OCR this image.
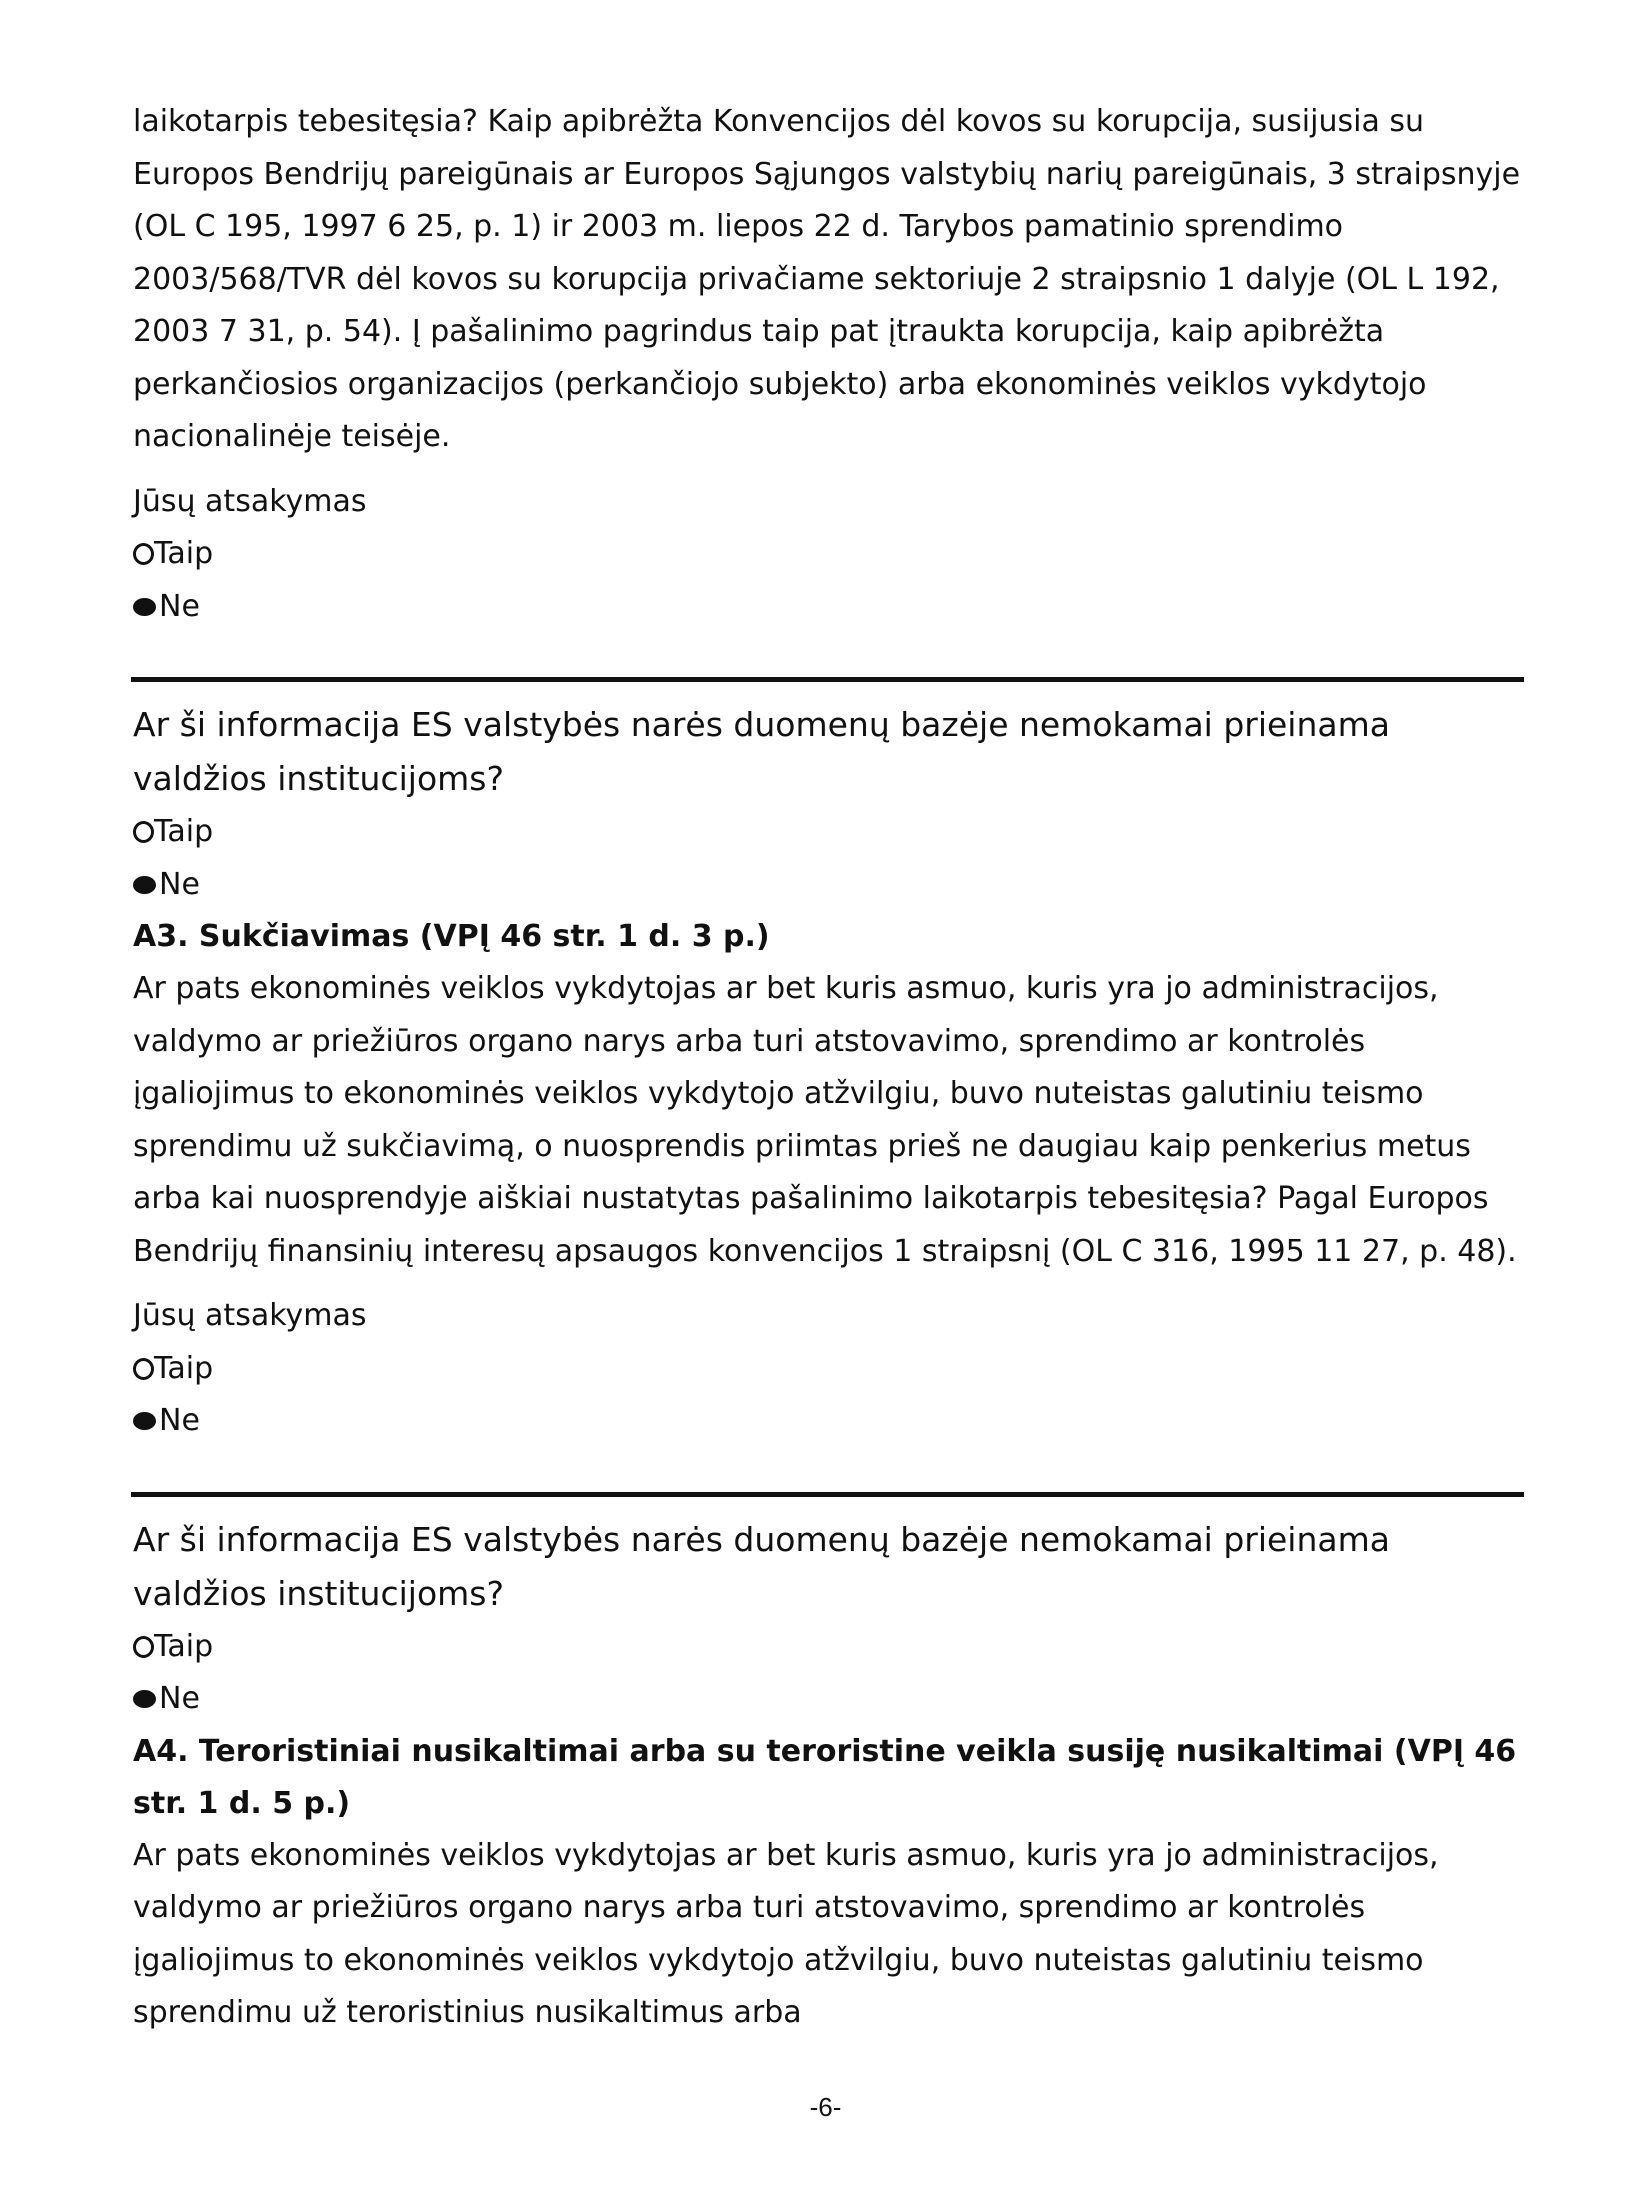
laikotarpis tebesitęsia? Kaip apibrėžta Konvencijos dėl kovos su korupcija, susijusia su Europos Bendrijų pareigūnais ar Europos Sąjungos valstybių narių pareigūnais, 3 straipsnyje (OL C 195, 1997 6 25, p. 1) ir 2003 m. liepos 22 d. Tarybos pamatinio sprendimo 2003/568/TVR dėl kovos su korupcija privačiame sektoriuje 2 straipsnio 1 dalyje (OL L 192, 2003 7 31, p. 54). Į pašalinimo pagrindus taip pat įtraukta korupcija, kaip apibrėžta perkančiosios organizacijos (perkančiojo subjekto) arba ekonominės veiklos vykdytojo nacionalinėje teisėje.

Jūsų atsakymas

Taip
Ne

Ar ši informacija ES valstybės narės duomenų bazėje nemokamai prieinama valdžios institucijoms?

Taip
Ne

A3. Sukčiavimas (VPĮ 46 str. 1 d. 3 p.)

Ar pats ekonominės veiklos vykdytojas ar bet kuris asmuo, kuris yra jo administracijos, valdymo ar priežiūros organo narys arba turi atstovavimo, sprendimo ar kontrolės įgaliojimus to ekonominės veiklos vykdytojo atžvilgiu, buvo nuteistas galutiniu teismo sprendimu už sukčiavimą, o nuosprendis priimtas prieš ne daugiau kaip penkerius metus arba kai nuosprendyje aiškiai nustatytas pašalinimo laikotarpis tebesitęsia? Pagal Europos Bendrijų finansinių interesų apsaugos konvencijos 1 straipsnį (OL C 316, 1995 11 27, p. 48).

Jūsų atsakymas

Taip
Ne

Ar ši informacija ES valstybės narės duomenų bazėje nemokamai prieinama valdžios institucijoms?

Taip
Ne

A4. Teroristiniai nusikaltimai arba su teroristine veikla susiję nusikaltimai (VPĮ 46 str. 1 d. 5 p.)

Ar pats ekonominės veiklos vykdytojas ar bet kuris asmuo, kuris yra jo administracijos, valdymo ar priežiūros organo narys arba turi atstovavimo, sprendimo ar kontrolės įgaliojimus to ekonominės veiklos vykdytojo atžvilgiu, buvo nuteistas galutiniu teismo sprendimu už teroristinius nusikaltimus arba

-6-
